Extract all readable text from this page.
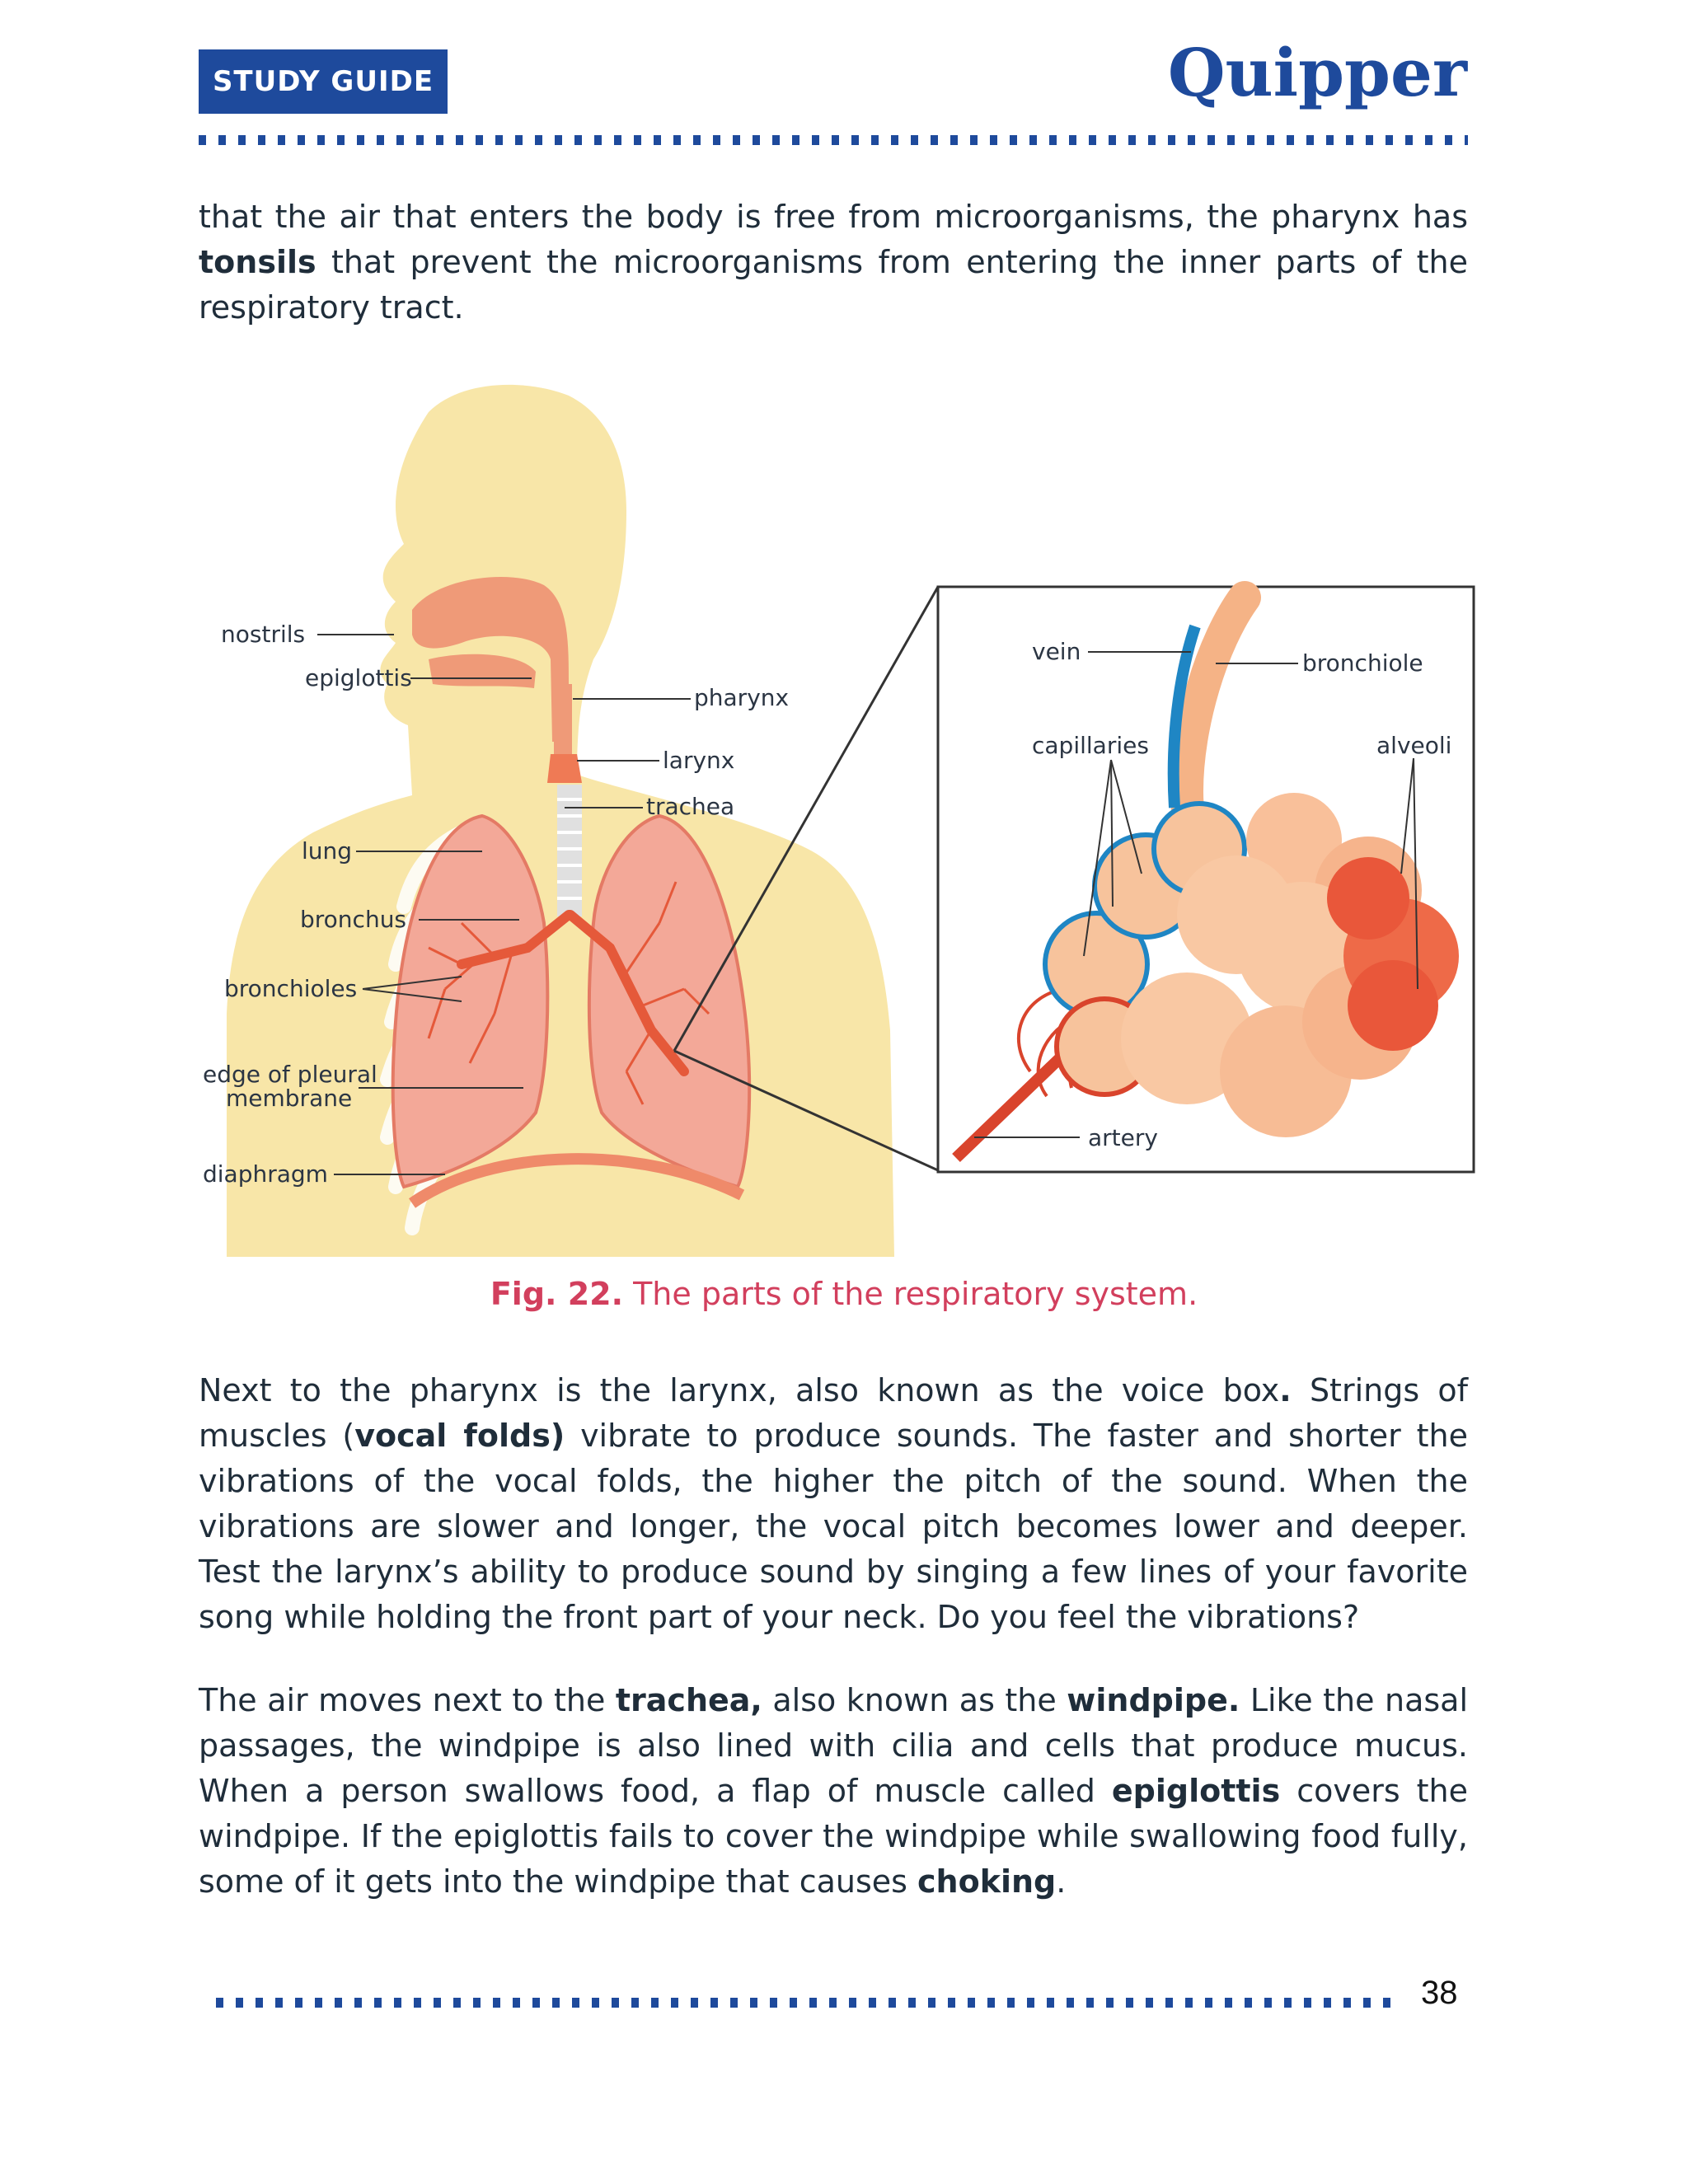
STUDY GUIDE	Quipper

that the air that enters the body is free from microorganisms, the pharynx has tonsils that prevent the microorganisms from entering the inner parts of the respiratory tract.

nostrils
epiglottis
pharynx
larynx
trachea
lung
bronchus
bronchioles
edge of pleural
membrane
diaphragm
vein	bronchiole
capillaries	alveoli
artery
Fig. 22. The parts of the respiratory system.

Next to the pharynx is the larynx, also known as the voice box. Strings of muscles (vocal folds) vibrate to produce sounds. The faster and shorter the vibrations of the vocal folds, the higher the pitch of the sound. When the vibrations are slower and longer, the vocal pitch becomes lower and deeper. Test the larynx’s ability to produce sound by singing a few lines of your favorite song while holding the front part of your neck. Do you feel the vibrations?

The air moves next to the trachea, also known as the windpipe. Like the nasal passages, the windpipe is also lined with cilia and cells that produce mucus. When a person swallows food, a flap of muscle called epiglottis covers the windpipe. If the epiglottis fails to cover the windpipe while swallowing food fully, some of it gets into the windpipe that causes choking.

38
